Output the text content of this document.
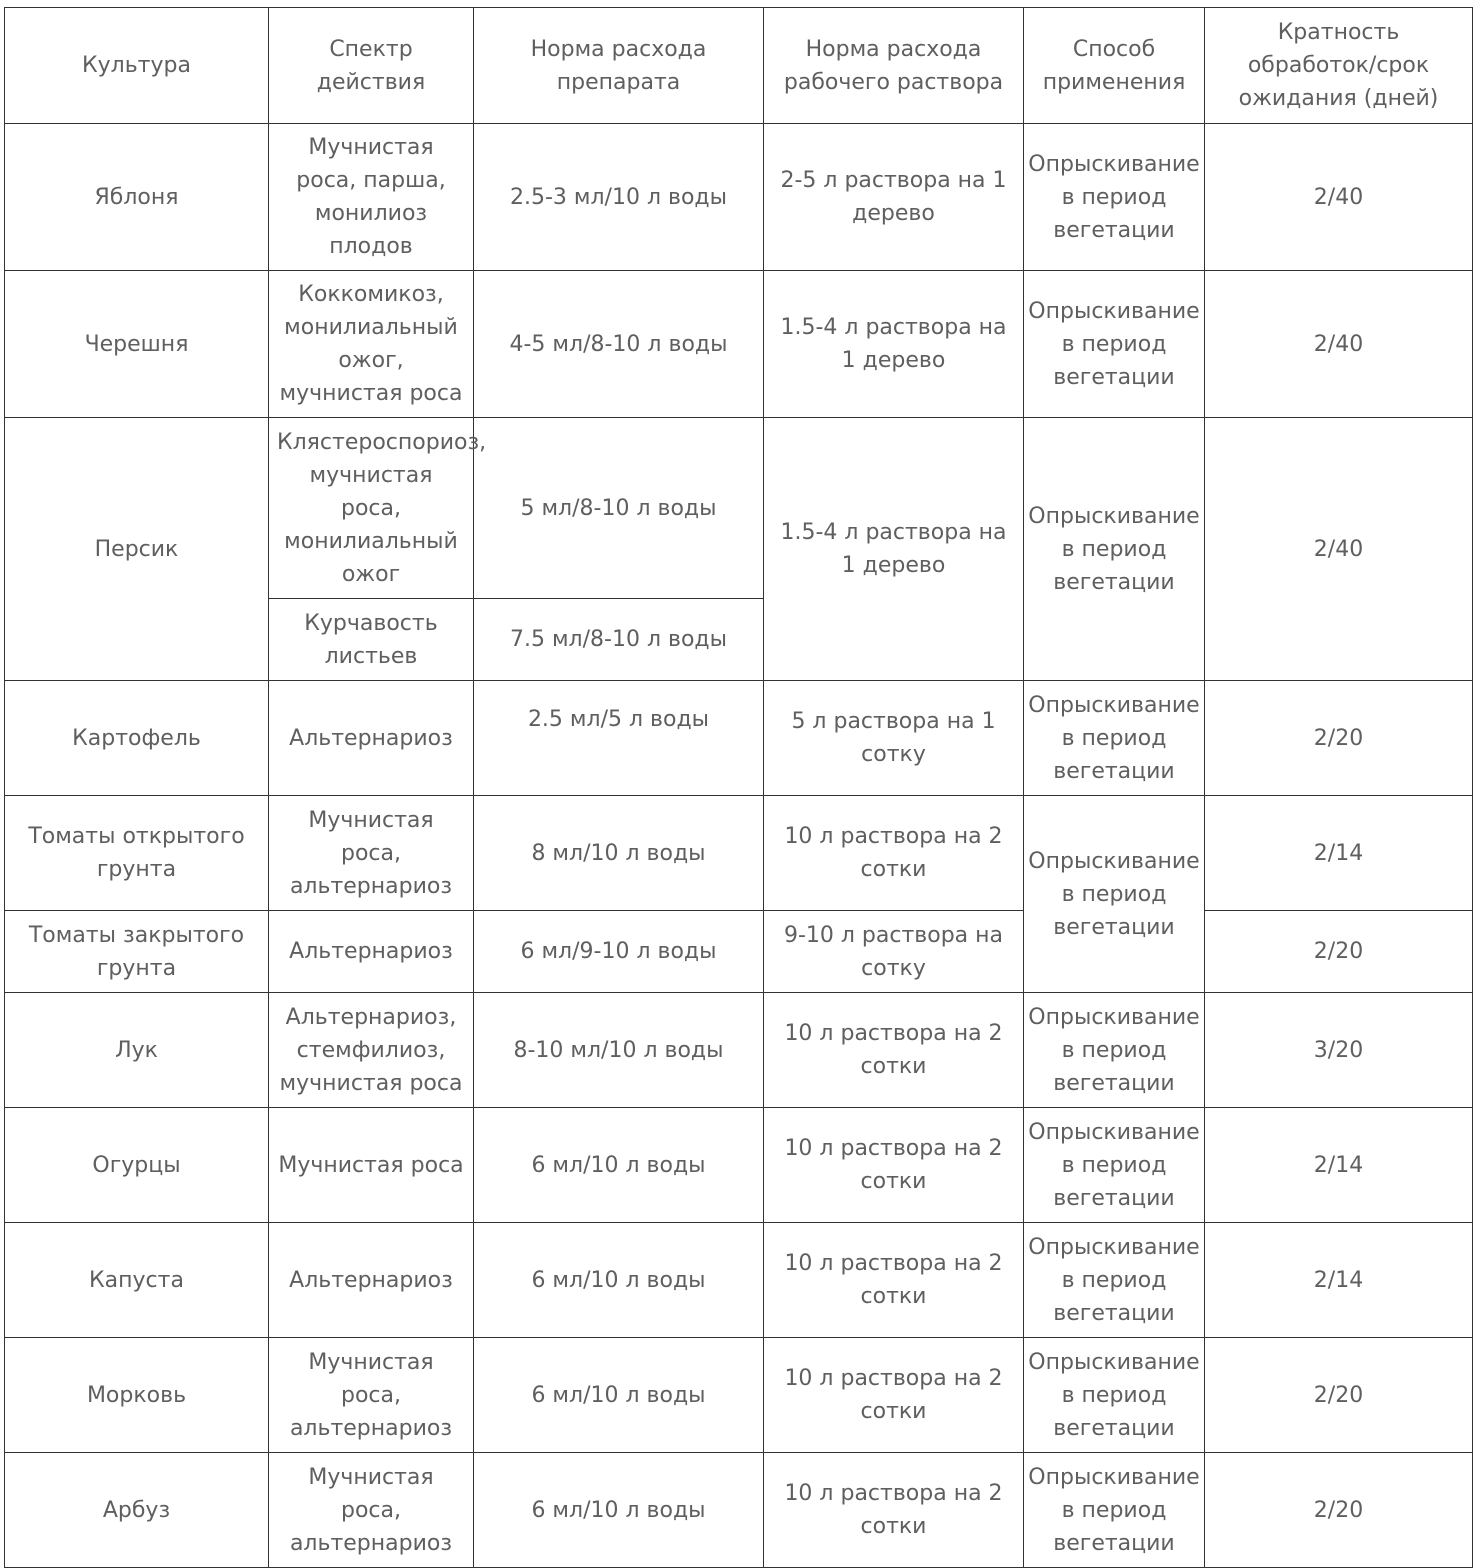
Культура	Спектр действия	Норма расхода препарата	Норма расхода рабочего раствора	Способ применения	Кратность обработок/срок ожидания (дней)
Яблоня	Мучнистая роса, парша, монилиоз плодов	2.5-3 мл/10 л воды	2-5 л раствора на 1 дерево	Опрыскивание в период вегетации	2/40
Черешня	Коккомикоз, монилиальный ожог, мучнистая роса	4-5 мл/8-10 л воды	1.5-4 л раствора на 1 дерево	Опрыскивание в период вегетации	2/40
Персик	Клястероспориоз, мучнистая роса, монилиальный ожог	5 мл/8-10 л воды	1.5-4 л раствора на 1 дерево	Опрыскивание в период вегетации	2/40
	Курчавость листьев	7.5 мл/8-10 л воды			
Картофель	Альтернариоз	2.5 мл/5 л воды	5 л раствора на 1 сотку	Опрыскивание в период вегетации	2/20
Томаты открытого грунта	Мучнистая роса, альтернариоз	8 мл/10 л воды	10 л раствора на 2 сотки	Опрыскивание в период вегетации	2/14
Томаты закрытого грунта	Альтернариоз	6 мл/9-10 л воды	9-10 л раствора на сотку		2/20
Лук	Альтернариоз, стемфилиоз, мучнистая роса	8-10 мл/10 л воды	10 л раствора на 2 сотки	Опрыскивание в период вегетации	3/20
Огурцы	Мучнистая роса	6 мл/10 л воды	10 л раствора на 2 сотки	Опрыскивание в период вегетации	2/14
Капуста	Альтернариоз	6 мл/10 л воды	10 л раствора на 2 сотки	Опрыскивание в период вегетации	2/14
Морковь	Мучнистая роса, альтернариоз	6 мл/10 л воды	10 л раствора на 2 сотки	Опрыскивание в период вегетации	2/20
Арбуз	Мучнистая роса, альтернариоз	6 мл/10 л воды	10 л раствора на 2 сотки	Опрыскивание в период вегетации	2/20
